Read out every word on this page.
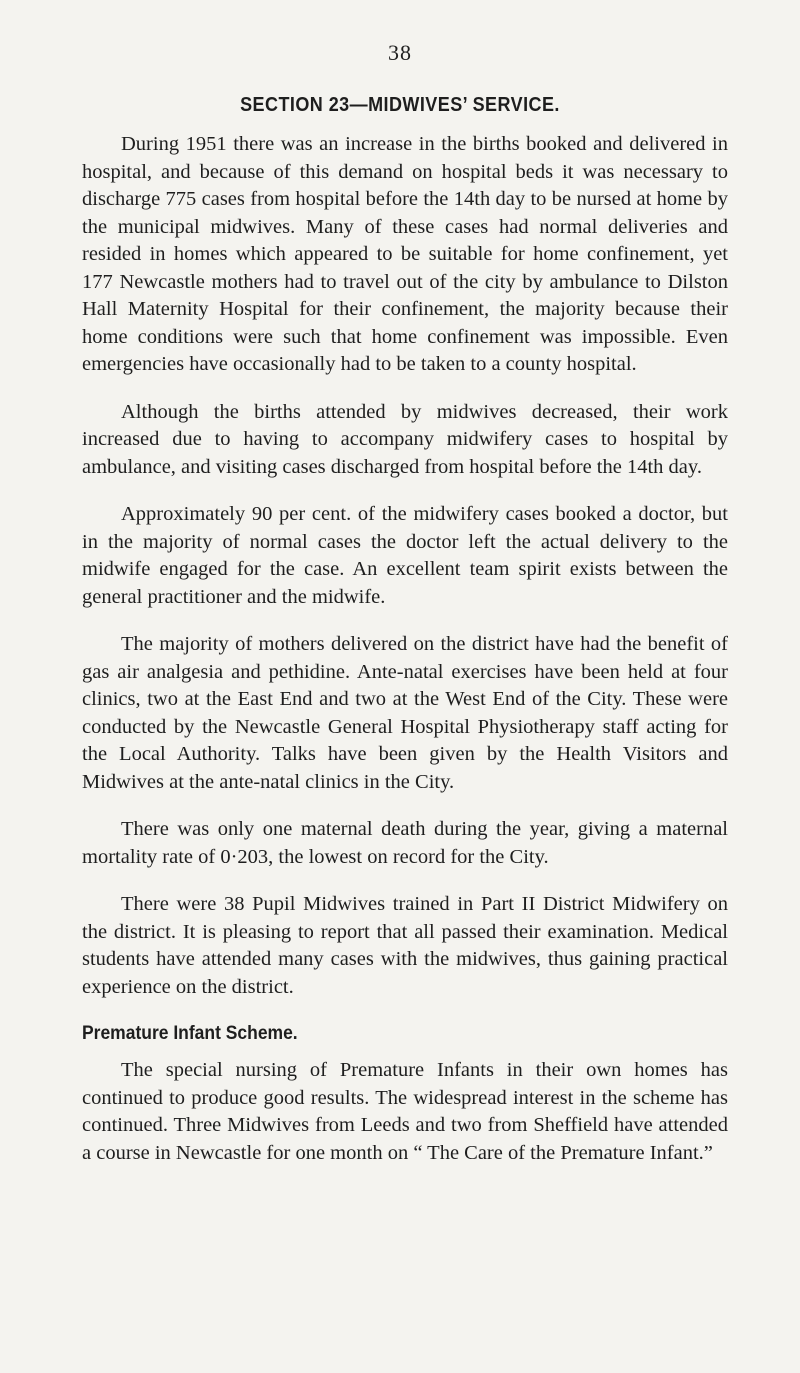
38
SECTION 23—MIDWIVES’ SERVICE.

During 1951 there was an increase in the births booked and delivered in hospital, and because of this demand on hospital beds it was necessary to discharge 775 cases from hospital before the 14th day to be nursed at home by the municipal midwives. Many of these cases had normal deliveries and resided in homes which appeared to be suitable for home confinement, yet 177 Newcastle mothers had to travel out of the city by ambulance to Dilston Hall Maternity Hospital for their confinement, the majority because their home conditions were such that home confinement was impossible. Even emergencies have occasionally had to be taken to a county hospital.

Although the births attended by midwives decreased, their work increased due to having to accompany midwifery cases to hospital by ambulance, and visiting cases discharged from hospital before the 14th day.

Approximately 90 per cent. of the midwifery cases booked a doctor, but in the majority of normal cases the doctor left the actual delivery to the midwife engaged for the case. An excellent team spirit exists between the general practitioner and the midwife.

The majority of mothers delivered on the district have had the benefit of gas air analgesia and pethidine. Ante-natal exercises have been held at four clinics, two at the East End and two at the West End of the City. These were conducted by the Newcastle General Hospital Physiotherapy staff acting for the Local Authority. Talks have been given by the Health Visitors and Midwives at the ante-natal clinics in the City.

There was only one maternal death during the year, giving a maternal mortality rate of 0·203, the lowest on record for the City.

There were 38 Pupil Midwives trained in Part II District Midwifery on the district. It is pleasing to report that all passed their examination. Medical students have attended many cases with the midwives, thus gaining practical experience on the district.

Premature Infant Scheme.

The special nursing of Premature Infants in their own homes has continued to produce good results. The widespread interest in the scheme has continued. Three Midwives from Leeds and two from Sheffield have attended a course in Newcastle for one month on “ The Care of the Premature Infant.”
